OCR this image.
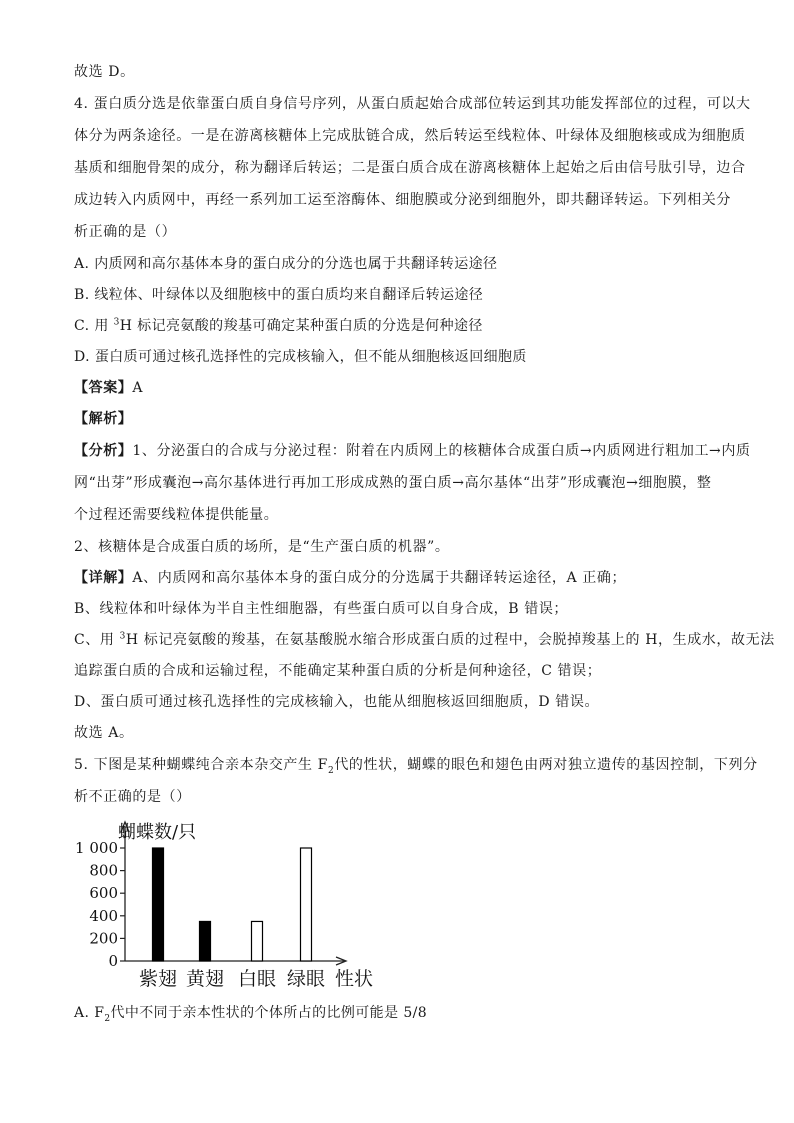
故选 D。
4. 蛋白质分选是依靠蛋白质自身信号序列，从蛋白质起始合成部位转运到其功能发挥部位的过程，可以大
体分为两条途径。一是在游离核糖体上完成肽链合成，然后转运至线粒体、叶绿体及细胞核或成为细胞质
基质和细胞骨架的成分，称为翻译后转运；二是蛋白质合成在游离核糖体上起始之后由信号肽引导，边合
成边转入内质网中，再经一系列加工运至溶酶体、细胞膜或分泌到细胞外，即共翻译转运。下列相关分
析正确的是（）
A. 内质网和高尔基体本身的蛋白成分的分选也属于共翻译转运途径
B. 线粒体、叶绿体以及细胞核中的蛋白质均来自翻译后转运途径
C. 用 $^3$H 标记亮氨酸的羧基可确定某种蛋白质的分选是何种途径
D. 蛋白质可通过核孔选择性的完成核输入，但不能从细胞核返回细胞质
【答案】A
【解析】
【分析】1、分泌蛋白的合成与分泌过程：附着在内质网上的核糖体合成蛋白质→内质网进行粗加工→内质
网“出芽”形成囊泡→高尔基体进行再加工形成成熟的蛋白质→高尔基体“出芽”形成囊泡→细胞膜，整
个过程还需要线粒体提供能量。
2、核糖体是合成蛋白质的场所，是“生产蛋白质的机器”。
【详解】A、内质网和高尔基体本身的蛋白成分的分选属于共翻译转运途径，A 正确；
B、线粒体和叶绿体为半自主性细胞器，有些蛋白质可以自身合成，B 错误；
C、用 $^3$H 标记亮氨酸的羧基，在氨基酸脱水缩合形成蛋白质的过程中，会脱掉羧基上的 H，生成水，故无法
追踪蛋白质的合成和运输过程，不能确定某种蛋白质的分析是何种途径，C 错误；
D、蛋白质可通过核孔选择性的完成核输入，也能从细胞核返回细胞质，D 错误。
故选 A。
5. 下图是某种蝴蝶纯合亲本杂交产生 $F_2$代的性状，蝴蝶的眼色和翅色由两对独立遗传的基因控制，下列分
析不正确的是（）
蝴蝶数/只
0
200
400
600
800
1 000
紫翅 黄翅 白眼 绿眼 性状
A. $F_2$代中不同于亲本性状的个体所占的比例可能是 5/8
